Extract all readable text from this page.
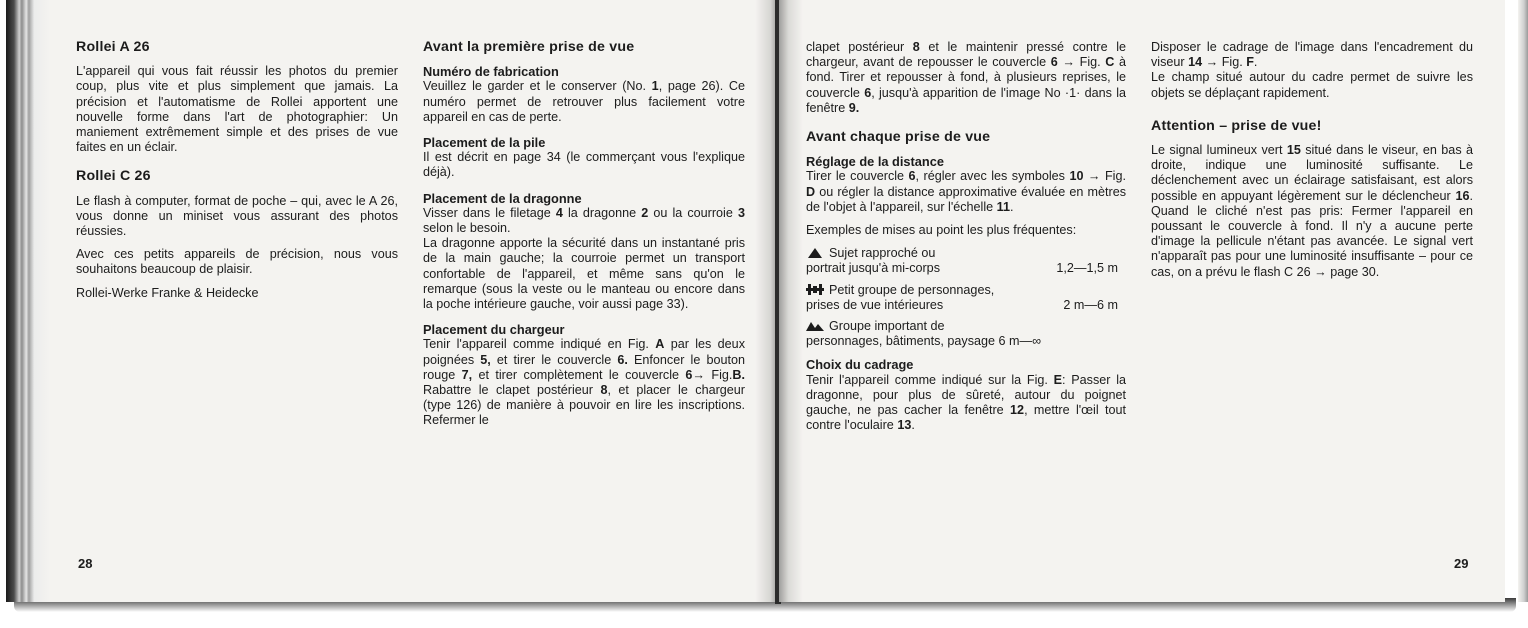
Rollei A 26

L'appareil qui vous fait réussir les photos du premier coup, plus vite et plus simplement que jamais. La précision et l'automatisme de Rollei apportent une nouvelle forme dans l'art de photographier: Un maniement extrêmement simple et des prises de vue faites en un éclair.

Rollei C 26

Le flash à computer, format de poche – qui, avec le A 26, vous donne un miniset vous assurant des photos réussies.

Avec ces petits appareils de précision, nous vous souhaitons beaucoup de plaisir.

Rollei-Werke Franke & Heidecke

Avant la première prise de vue
Numéro de fabrication

Veuillez le garder et le conserver (No. 1, page 26). Ce numéro permet de retrouver plus facilement votre appareil en cas de perte.

Placement de la pile

Il est décrit en page 34 (le commerçant vous l'explique déjà).

Placement de la dragonne

Visser dans le filetage 4 la dragonne 2 ou la courroie 3 selon le besoin.

La dragonne apporte la sécurité dans un instantané pris de la main gauche; la courroie permet un transport confortable de l'appareil, et même sans qu'on le remarque (sous la veste ou le manteau ou encore dans la poche intérieure gauche, voir aussi page 33).

Placement du chargeur

Tenir l'appareil comme indiqué en Fig. A par les deux poignées 5, et tirer le couvercle 6. Enfoncer le bouton rouge 7, et tirer complètement le couvercle 6→ Fig.B. Rabattre le clapet postérieur 8, et placer le chargeur (type 126) de manière à pouvoir en lire les inscriptions. Refermer le

28

clapet postérieur 8 et le maintenir pressé contre le chargeur, avant de repousser le couvercle 6 → Fig. C à fond. Tirer et repousser à fond, à plusieurs reprises, le couvercle 6, jusqu'à apparition de l'image No ·1· dans la fenêtre 9.

Avant chaque prise de vue
Réglage de la distance

Tirer le couvercle 6, régler avec les symboles 10 → Fig. D ou régler la distance approximative évaluée en mètres de l'objet à l'appareil, sur l'échelle 11.

Exemples de mises au point les plus fréquentes:

Sujet rapproché ou
portrait jusqu'à mi-corps	1,2—1,5 m
Petit groupe de personnages,
prises de vue intérieures	2 m—6 m
Groupe important de
personnages, bâtiments, paysage 6 m—∞
Choix du cadrage

Tenir l'appareil comme indiqué sur la Fig. E: Passer la dragonne, pour plus de sûreté, autour du poignet gauche, ne pas cacher la fenêtre 12, mettre l'œil tout contre l'oculaire 13.

Disposer le cadrage de l'image dans l'encadrement du viseur 14 → Fig. F.

Le champ situé autour du cadre permet de suivre les objets se déplaçant rapidement.

Attention – prise de vue!

Le signal lumineux vert 15 situé dans le viseur, en bas à droite, indique une luminosité suffisante. Le déclenchement avec un éclairage satisfaisant, est alors possible en appuyant légèrement sur le déclencheur 16. Quand le cliché n'est pas pris: Fermer l'appareil en poussant le couvercle à fond. Il n'y a aucune perte d'image la pellicule n'étant pas avancée. Le signal vert n'apparaît pas pour une luminosité insuffisante – pour ce cas, on a prévu le flash C 26 → page 30.

29
